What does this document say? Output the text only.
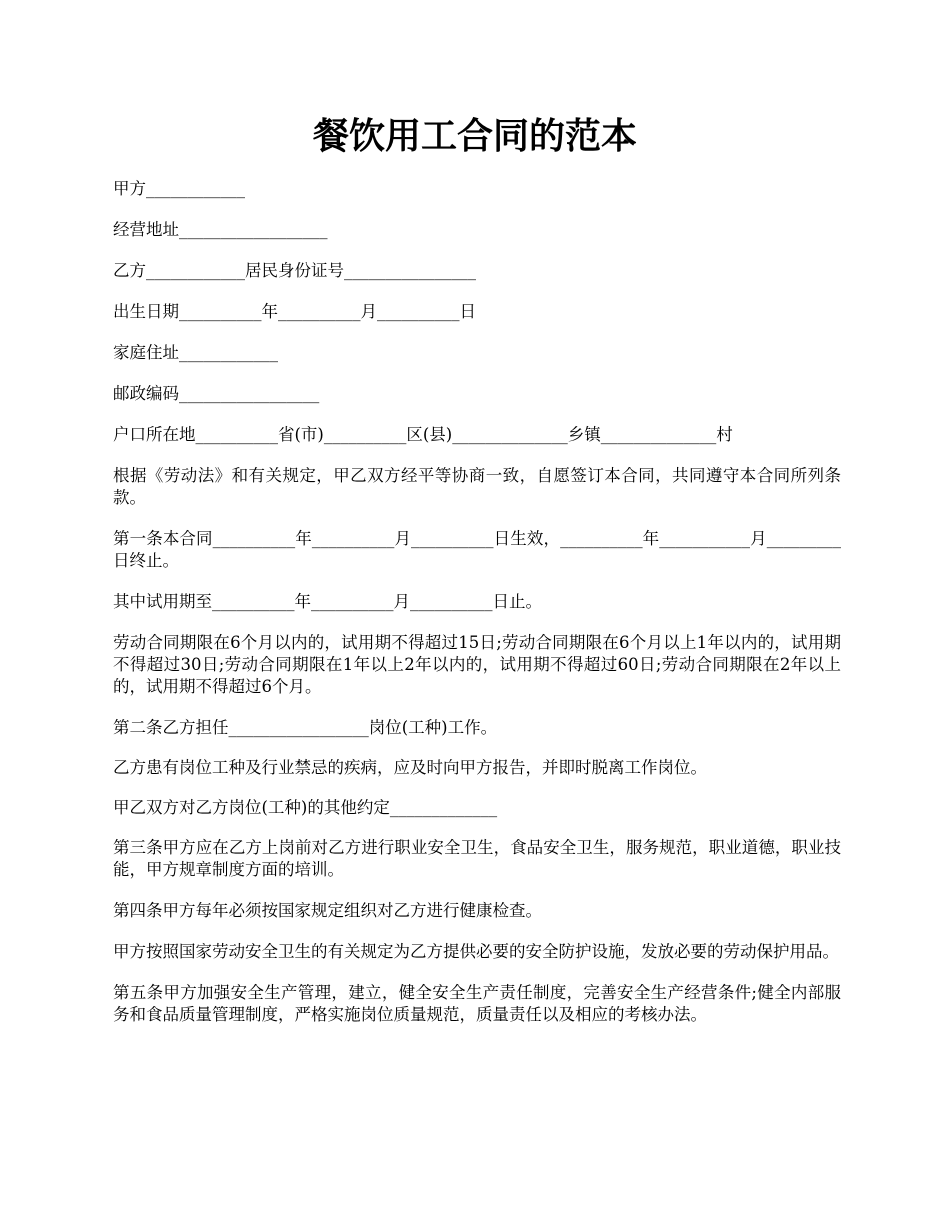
餐饮用工合同的范本

甲方____________

经营地址__________________

乙方____________居民身份证号________________

出生日期__________年__________月__________日

家庭住址____________

邮政编码_________________

户口所在地__________省(市)__________区(县)______________乡镇______________村

根据《劳动法》和有关规定，甲乙双方经平等协商一致，自愿签订本合同，共同遵守本合同所列条款。

第一条本合同__________年__________月__________日生效，__________年___________月_________日终止。

其中试用期至__________年__________月__________日止。

劳动合同期限在6个月以内的，试用期不得超过15日;劳动合同期限在6个月以上1年以内的，试用期不得超过30日;劳动合同期限在1年以上2年以内的，试用期不得超过60日;劳动合同期限在2年以上的，试用期不得超过6个月。

第二条乙方担任_________________岗位(工种)工作。

乙方患有岗位工种及行业禁忌的疾病，应及时向甲方报告，并即时脱离工作岗位。

甲乙双方对乙方岗位(工种)的其他约定_____________

第三条甲方应在乙方上岗前对乙方进行职业安全卫生，食品安全卫生，服务规范，职业道德，职业技能，甲方规章制度方面的培训。

第四条甲方每年必须按国家规定组织对乙方进行健康检查。

甲方按照国家劳动安全卫生的有关规定为乙方提供必要的安全防护设施，发放必要的劳动保护用品。

第五条甲方加强安全生产管理，建立，健全安全生产责任制度，完善安全生产经营条件;健全内部服务和食品质量管理制度，严格实施岗位质量规范，质量责任以及相应的考核办法。
